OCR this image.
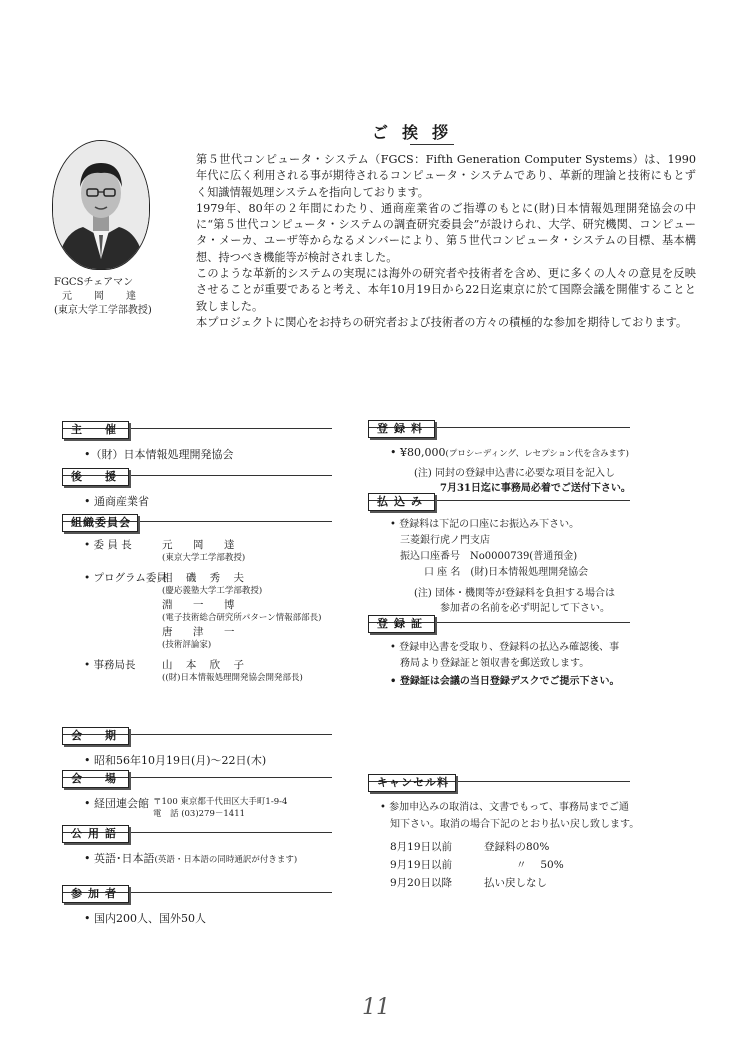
ご挨拶
FGCSチェアマン
元　岡　達
(東京大学工学部教授)

第５世代コンピュータ・システム（FGCS：Fifth Generation Computer Systems）は、1990年代に広く利用される事が期待されるコンピュータ・システムであり、革新的理論と技術にもとずく知識情報処理システムを指向しております。

1979年、80年の２年間にわたり、通商産業省のご指導のもとに(財)日本情報処理開発協会の中に“第５世代コンピュータ・システムの調査研究委員会”が設けられ、大学、研究機関、コンピュータ・メーカ、ユーザ等からなるメンバーにより、第５世代コンピュータ・システムの目標、基本構想、持つべき機能等が検討されました。

このような革新的システムの実現には海外の研究者や技術者を含め、更に多くの人々の意見を反映させることが重要であると考え、本年10月19日から22日迄東京に於て国際会議を開催することと致しました。

本プロジェクトに関心をお持ちの研究者および技術者の方々の積極的な参加を期待しております。

主　催
•（財）日本情報処理開発協会
後　援
• 通商産業省
組織委員会
• 委 員 長	元　岡　達
(東京大学工学部教授)
• プログラム委員
相 磯 秀 夫
(慶応義塾大学工学部教授)
淵　一　博
(電子技術総合研究所パターン情報部部長)
唐　津　一
(技術評論家)
• 事務局長	山 本 欣 子
((財)日本情報処理開発協会開発部長)
会　期
• 昭和56年10月19日(月)〜22日(木)
会　場
• 経団連会館 〒100 東京都千代田区大手町1-9-4
電　話 (03)279－1411
公用語
• 英語･日本語(英語・日本語の同時通訳が付きます)
参加者
• 国内200人、国外50人
登録料
• ¥80,000(プロシーディング、レセプション代を含みます)
(注) 同封の登録申込書に必要な項目を記入し
7月31日迄に事務局必着でご送付下さい。
払込み
• 登録料は下記の口座にお振込み下さい。
三菱銀行虎ノ門支店
振込口座番号　No0000739(普通預金)
口 座 名　(財)日本情報処理開発協会
(注) 団体・機関等が登録料を負担する場合は
参加者の名前を必ず明記して下さい。
登録証
• 登録申込書を受取り、登録料の払込み確認後、事
務局より登録証と領収書を郵送致します。
• 登録証は会議の当日登録デスクでご提示下さい。
キャンセル料
• 参加申込みの取消は、文書でもって、事務局までご通
知下さい。取消の場合下記のとおり払い戻し致します。
8月19日以前	登録料の80%
9月19日以前	〃　 50%
9月20日以降	払い戻しなし
11
